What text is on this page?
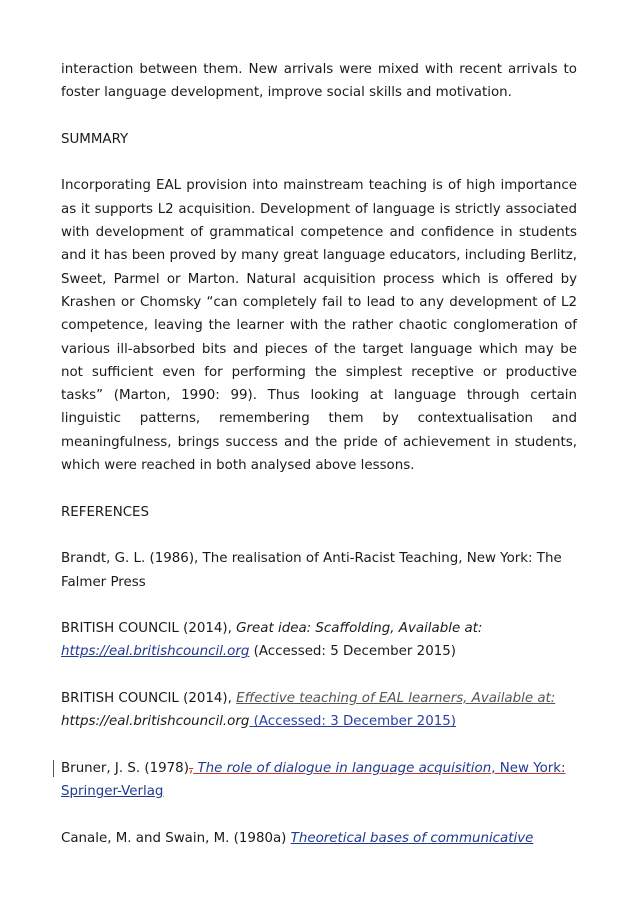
interaction between them. New arrivals were mixed with recent arrivals to foster language development, improve social skills and motivation.

SUMMARY

Incorporating EAL provision into mainstream teaching is of high importance as it supports L2 acquisition. Development of language is strictly associated with development of grammatical competence and confidence in students and it has been proved by many great language educators, including Berlitz, Sweet, Parmel or Marton. Natural acquisition process which is offered by Krashen or Chomsky “can completely fail to lead to any development of L2 competence, leaving the learner with the rather chaotic conglomeration of various ill-absorbed bits and pieces of the target language which may be not sufficient even for performing the simplest receptive or productive tasks” (Marton, 1990: 99). Thus looking at language through certain linguistic patterns, remembering them by contextualisation and meaningfulness, brings success and the pride of achievement in students, which were reached in both analysed above lessons.

REFERENCES

Brandt, G. L. (1986), The realisation of Anti-Racist Teaching, New York: The Falmer Press

BRITISH COUNCIL (2014), Great idea: Scaffolding, Available at:
https://eal.britishcouncil.org (Accessed: 5 December 2015)

BRITISH COUNCIL (2014), Effective teaching of EAL learners, Available at:
https://eal.britishcouncil.org (Accessed: 3 December 2015)

Bruner, J. S. (1978), The role of dialogue in language acquisition, New York:
Springer-Verlag

Canale, M. and Swain, M. (1980a) Theoretical bases of communicative
